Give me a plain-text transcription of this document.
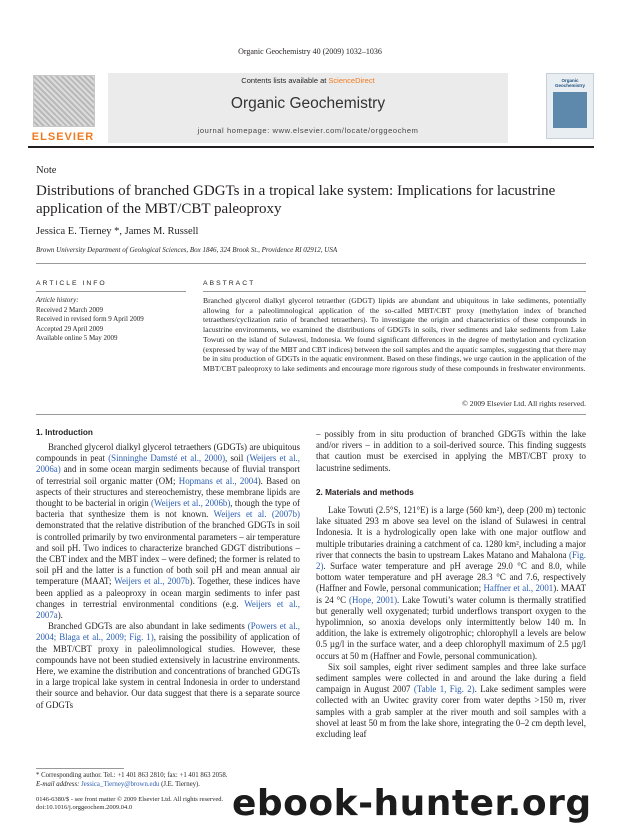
Organic Geochemistry 40 (2009) 1032–1036
ELSEVIER
Contents lists available at ScienceDirect
Organic Geochemistry
journal homepage: www.elsevier.com/locate/orggeochem
Organic Geochemistry
Note
Distributions of branched GDGTs in a tropical lake system: Implications for lacustrine application of the MBT/CBT paleoproxy
Jessica E. Tierney *, James M. Russell
Brown University Department of Geological Sciences, Box 1846, 324 Brook St., Providence RI 02912, USA
ARTICLE INFO	ABSTRACT
Article history:
Received 2 March 2009
Received in revised form 9 April 2009
Accepted 29 April 2009
Available online 5 May 2009
Branched glycerol dialkyl glycerol tetraether (GDGT) lipids are abundant and ubiquitous in lake sediments, potentially allowing for a paleolimnological application of the so-called MBT/CBT proxy (methylation index of branched tetraethers/cyclization ratio of branched tetraethers). To investigate the origin and characteristics of these compounds in lacustrine environments, we examined the distributions of GDGTs in soils, river sediments and lake sediments from Lake Towuti on the island of Sulawesi, Indonesia. We found significant differences in the degree of methylation and cyclization (expressed by way of the MBT and CBT indices) between the soil samples and the aquatic samples, suggesting that there may be in situ production of GDGTs in the aquatic environment. Based on these findings, we urge caution in the application of the MBT/CBT paleoproxy to lake sediments and encourage more rigorous study of these compounds in freshwater environments.
© 2009 Elsevier Ltd. All rights reserved.
1. Introduction

Branched glycerol dialkyl glycerol tetraethers (GDGTs) are ubiquitous compounds in peat (Sinninghe Damsté et al., 2000), soil (Weijers et al., 2006a) and in some ocean margin sediments because of fluvial transport of terrestrial soil organic matter (OM; Hopmans et al., 2004). Based on aspects of their structures and stereochemistry, these membrane lipids are thought to be bacterial in origin (Weijers et al., 2006b), though the type of bacteria that synthesize them is not known. Weijers et al. (2007b) demonstrated that the relative distribution of the branched GDGTs in soil is controlled primarily by two environmental parameters – air temperature and soil pH. Two indices to characterize branched GDGT distributions – the CBT index and the MBT index – were defined; the former is related to soil pH and the latter is a function of both soil pH and mean annual air temperature (MAAT; Weijers et al., 2007b). Together, these indices have been applied as a paleoproxy in ocean margin sediments to infer past changes in terrestrial environmental conditions (e.g. Weijers et al., 2007a).

Branched GDGTs are also abundant in lake sediments (Powers et al., 2004; Blaga et al., 2009; Fig. 1), raising the possibility of application of the MBT/CBT proxy in paleolimnological studies. However, these compounds have not been studied extensively in lacustrine environments. Here, we examine the distribution and concentrations of branched GDGTs in a large tropical lake system in central Indonesia in order to understand their source and behavior. Our data suggest that there is a separate source of GDGTs

– possibly from in situ production of branched GDGTs within the lake and/or rivers – in addition to a soil-derived source. This finding suggests that caution must be exercised in applying the MBT/CBT proxy to lacustrine sediments.

2. Materials and methods

Lake Towuti (2.5°S, 121°E) is a large (560 km²), deep (200 m) tectonic lake situated 293 m above sea level on the island of Sulawesi in central Indonesia. It is a hydrologically open lake with one major outflow and multiple tributaries draining a catchment of ca. 1280 km², including a major river that connects the basin to upstream Lakes Matano and Mahalona (Fig. 2). Surface water temperature and pH average 29.0 °C and 8.0, while bottom water temperature and pH average 28.3 °C and 7.6, respectively (Haffner and Fowle, personal communication; Haffner et al., 2001). MAAT is 24 °C (Hope, 2001). Lake Towuti’s water column is thermally stratified but generally well oxygenated; turbid underflows transport oxygen to the hypolimnion, so anoxia develops only intermittently below 140 m. In addition, the lake is extremely oligotrophic; chlorophyll a levels are below 0.5 µg/l in the surface water, and a deep chlorophyll maximum of 2.5 µg/l occurs at 50 m (Haffner and Fowle, personal communication).

Six soil samples, eight river sediment samples and three lake surface sediment samples were collected in and around the lake during a field campaign in August 2007 (Table 1, Fig. 2). Lake sediment samples were collected with an Uwitec gravity corer from water depths >150 m, river samples with a grab sampler at the river mouth and soil samples with a shovel at least 50 m from the lake shore, integrating the 0–2 cm depth level, excluding leaf

* Corresponding author. Tel.: +1 401 863 2810; fax: +1 401 863 2058.
E-mail address: Jessica_Tierney@brown.edu (J.E. Tierney).
0146-6380/$ - see front matter © 2009 Elsevier Ltd. All rights reserved.
doi:10.1016/j.orggeochem.2009.04.0	ebook-hunter.org
